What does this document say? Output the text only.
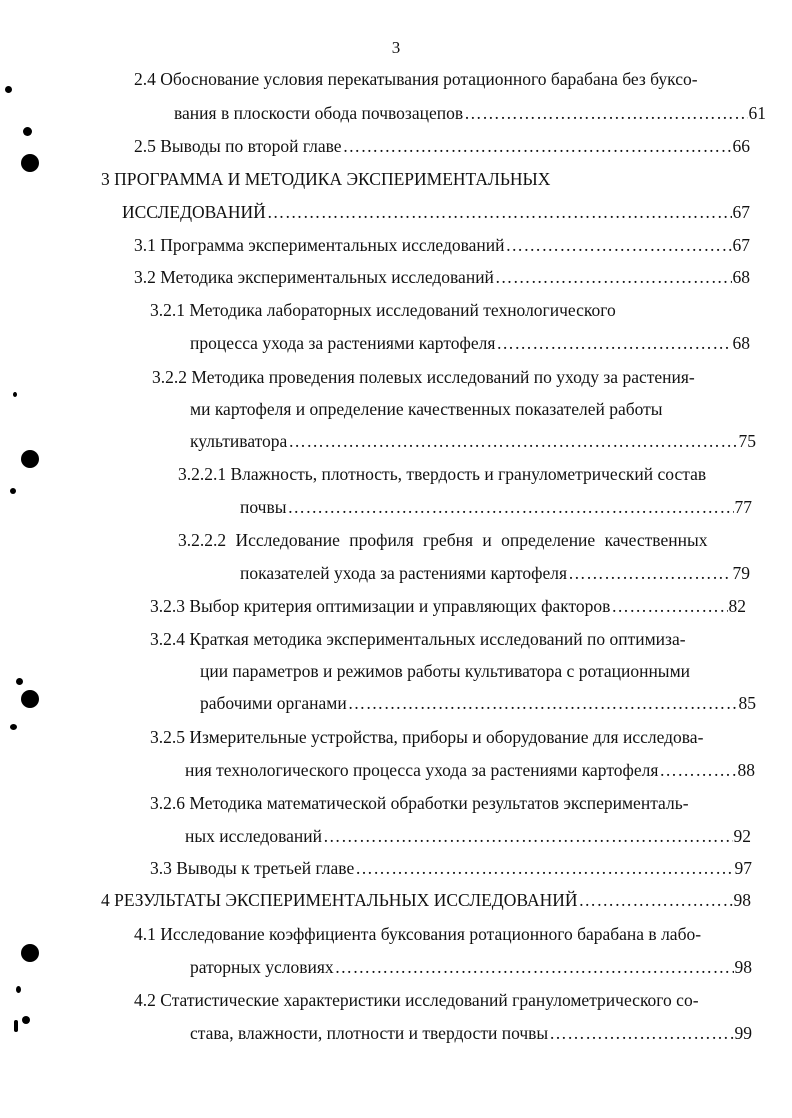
3
2.4 Обоснование условия перекатывания ротационного барабана без буксо-
вания в плоскости обода почвозацепов …………………………………………………………………………………………………………………………………………………………………………………………………………………………………………	61
2.5 Выводы по второй главе …………………………………………………………………………………………………………………………………………………………………………………………………………………………………………	66
3 ПРОГРАММА И МЕТОДИКА ЭКСПЕРИМЕНТАЛЬНЫХ
ИССЛЕДОВАНИЙ …………………………………………………………………………………………………………………………………………………………………………………………………………………………………………	67
3.1 Программа экспериментальных исследований …………………………………………………………………………………………………………………………………………………………………………………………………………………………………………	67
3.2 Методика экспериментальных исследований …………………………………………………………………………………………………………………………………………………………………………………………………………………………………………	68
3.2.1 Методика лабораторных исследований технологического
процесса ухода за растениями картофеля …………………………………………………………………………………………………………………………………………………………………………………………………………………………………………	68
3.2.2 Методика проведения полевых исследований по уходу за растения-
ми картофеля и определение качественных показателей работы
культиватора …………………………………………………………………………………………………………………………………………………………………………………………………………………………………………	75
3.2.2.1 Влажность, плотность, твердость и гранулометрический состав
почвы …………………………………………………………………………………………………………………………………………………………………………………………………………………………………………	77
3.2.2.2 Исследование профиля гребня и определение качественных
показателей ухода за растениями картофеля …………………………………………………………………………………………………………………………………………………………………………………………………………………………………………	79
3.2.3 Выбор критерия оптимизации и управляющих факторов …………………………………………………………………………………………………………………………………………………………………………………………………………………………………………	82
3.2.4 Краткая методика экспериментальных исследований по оптимиза-
ции параметров и режимов работы культиватора с ротационными
рабочими органами …………………………………………………………………………………………………………………………………………………………………………………………………………………………………………	85
3.2.5 Измерительные устройства, приборы и оборудование для исследова-
ния технологического процесса ухода за растениями картофеля …………………………………………………………………………………………………………………………………………………………………………………………………………………………………………	88
3.2.6 Методика математической обработки результатов эксперименталь-
ных исследований …………………………………………………………………………………………………………………………………………………………………………………………………………………………………………	92
3.3 Выводы к третьей главе …………………………………………………………………………………………………………………………………………………………………………………………………………………………………………	97
4 РЕЗУЛЬТАТЫ ЭКСПЕРИМЕНТАЛЬНЫХ ИССЛЕДОВАНИЙ …………………………………………………………………………………………………………………………………………………………………………………………………………………………………………	98
4.1 Исследование коэффициента буксования ротационного барабана в лабо-
раторных условиях …………………………………………………………………………………………………………………………………………………………………………………………………………………………………………	98
4.2 Статистические характеристики исследований гранулометрического со-
става, влажности, плотности и твердости почвы …………………………………………………………………………………………………………………………………………………………………………………………………………………………………………	99
